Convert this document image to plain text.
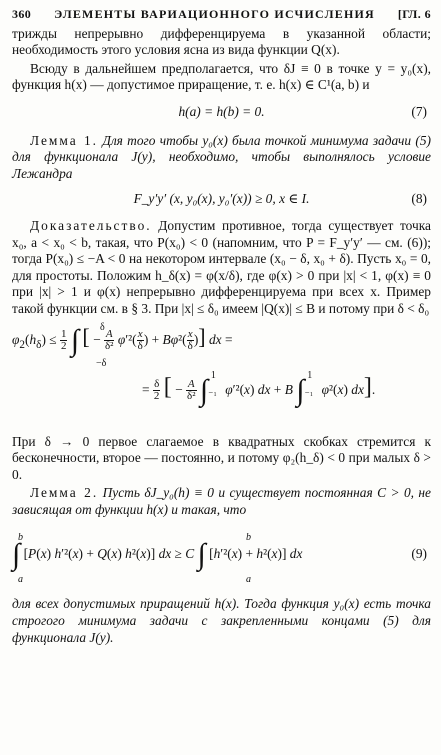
360 ЭЛЕМЕНТЫ ВАРИАЦИОННОГО ИСЧИСЛЕНИЯ [ГЛ. 6
трижды непрерывно дифференцируема в указанной области; необходимость этого условия ясна из вида функции Q(x).
Всюду в дальнейшем предполагается, что δJ ≡ 0 в точке y = y₀(x), функция h(x) — допустимое приращение, т. е. h(x) ∈ C¹(a, b) и
h(a) = h(b) = 0.	(7)
Лемма 1. Для того чтобы y₀(x) была точкой минимума задачи (5) для функционала J(y), необходимо, чтобы выполнялось условие Лежандра
F_y′y′ (x, y₀(x), y₀′(x)) ≥ 0, x ∈ I.	(8)
Доказательство. Допустим противное, тогда существует точка x₀, a < x₀ < b, такая, что P(x₀) < 0 (напомним, что P = F_y′y′ — см. (6)); тогда P(x₀) ≤ −A < 0 на некотором интервале (x₀ − δ, x₀ + δ). Пусть x₀ = 0, для простоты. Положим h_δ(x) = φ(x/δ), где φ(x) > 0 при |x| < 1, φ(x) ≡ 0 при |x| > 1 и φ(x) непрерывно дифференцируема при всех x. Пример такой функции см. в § 3. При |x| ≤ δ₀ имеем |Q(x)| ≤ B и потому при δ < δ₀
$\varphi_2(h_\delta) \le \frac{1}{2}$ ∫ δ
−δ
[ − $\frac{A}{\text{δ²}} \varphi'^2( \frac{x}{\delta}$ ) + $B\varphi^2( \frac{x}{\delta}$ )] dx =
= $\frac{\delta}{2}$ [ − $\frac{A}{\text{δ²}} \int_{-1}^1$ φ′²(x) dx + B ∫₋₁$^1$ φ²(x) dx].
При δ → 0 первое слагаемое в квадратных скобках стремится к бесконечности, второе — постоянно, и потому φ₂(h_δ) < 0 при малых δ > 0.
Лемма 2. Пусть δJ_y₀(h) ≡ 0 и существует постоянная C > 0, не зависящая от функции h(x) и такая, что
∫ [P(x) h′²(x) + Q(x) h²(x)] dx ≥ C ∫ [h′²(x) + h²(x)] dx
b
a
b
a
(9)
для всех допустимых приращений h(x). Тогда функция y₀(x) есть точка строгого минимума задачи с закрепленными концами (5) для функционала J(y).
